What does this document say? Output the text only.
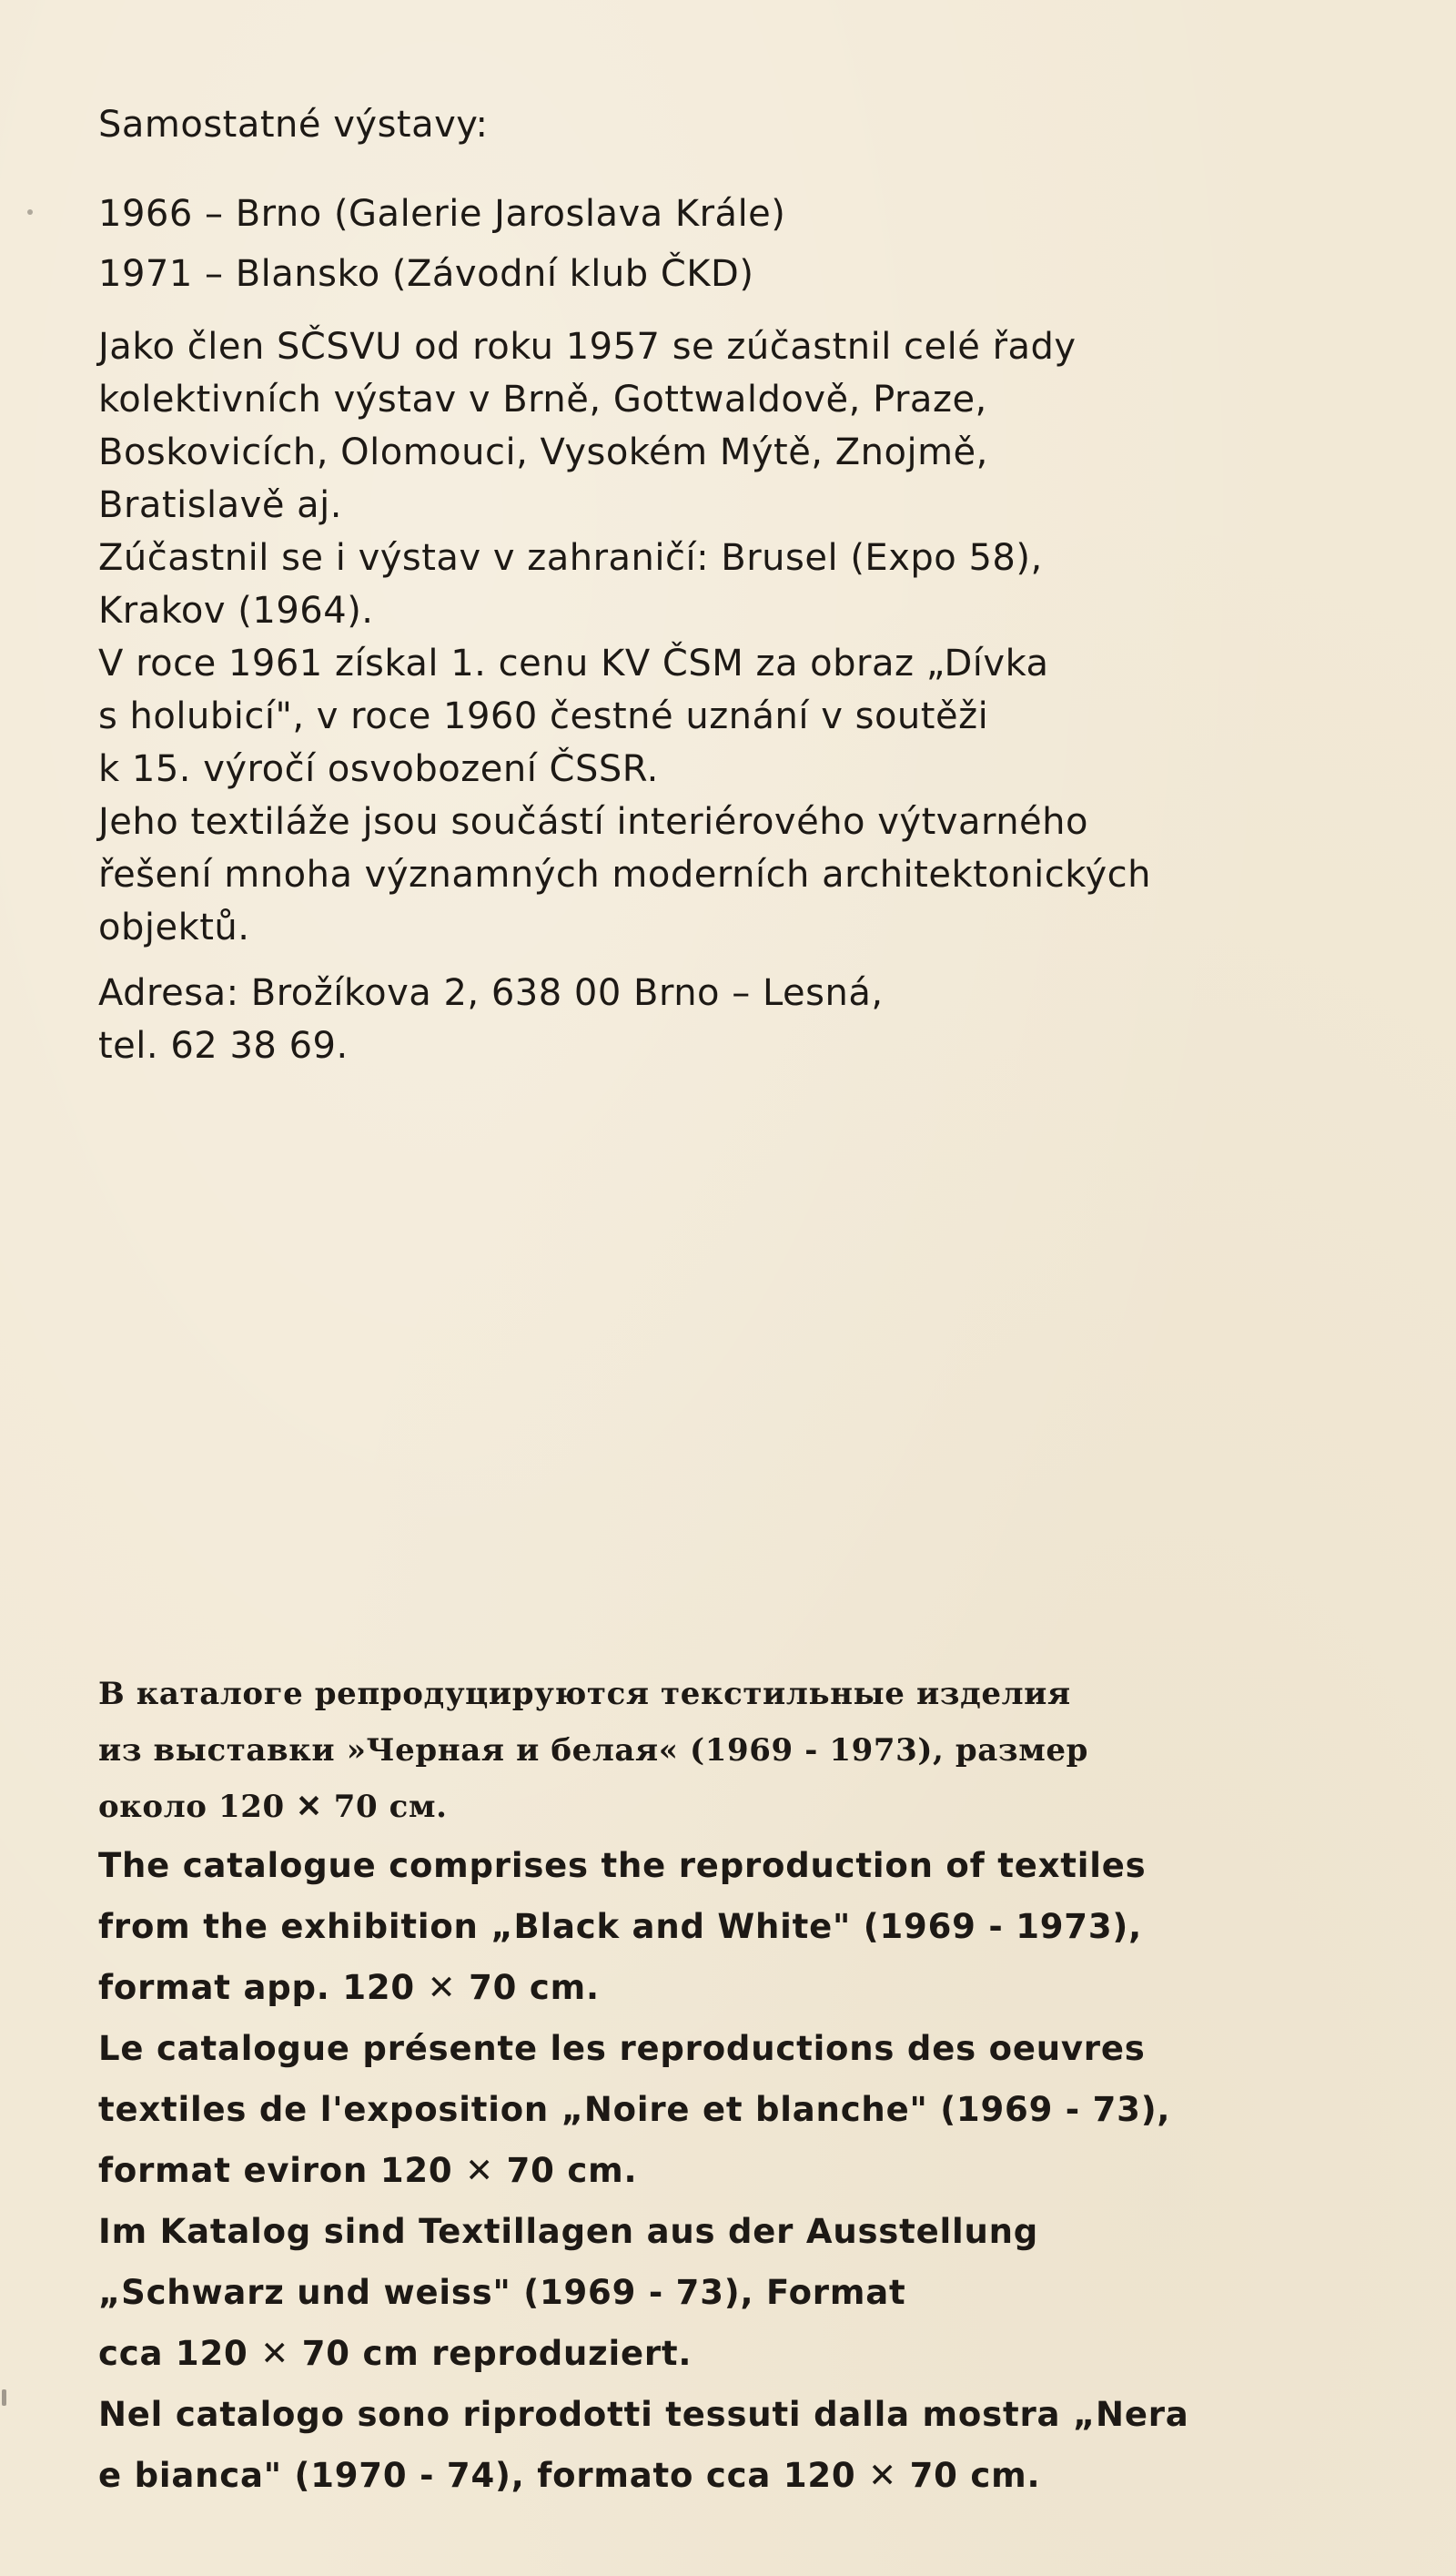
Samostatné výstavy:
1966 – Brno (Galerie Jaroslava Krále)
1971 – Blansko (Závodní klub ČKD)
Jako člen SČSVU od roku 1957 se zúčastnil celé řady
kolektivních výstav v Brně, Gottwaldově, Praze,
Boskovicích, Olomouci, Vysokém Mýtě, Znojmě,
Bratislavě aj.
Zúčastnil se i výstav v zahraničí: Brusel (Expo 58),
Krakov (1964).
V roce 1961 získal 1. cenu KV ČSM za obraz „Dívka
s holubicí", v roce 1960 čestné uznání v soutěži
k 15. výročí osvobození ČSSR.
Jeho textiláže jsou součástí interiérového výtvarného
řešení mnoha významných moderních architektonických
objektů.
Adresa: Brožíkova 2, 638 00 Brno – Lesná,
tel. 62 38 69.
В каталоге репродуцируются текстильные изделия
из выставки »Черная и белая« (1969 - 1973), размер
около 120 ✕ 70 см.
The catalogue comprises the reproduction of textiles
from the exhibition „Black and White" (1969 - 1973),
format app. 120 ✕ 70 cm.
Le catalogue présente les reproductions des oeuvres
textiles de l'exposition „Noire et blanche" (1969 - 73),
format eviron 120 ✕ 70 cm.
Im Katalog sind Textillagen aus der Ausstellung
„Schwarz und weiss" (1969 - 73), Format
cca 120 ✕ 70 cm reproduziert.
Nel catalogo sono riprodotti tessuti dalla mostra „Nera
e bianca" (1970 - 74), formato cca 120 ✕ 70 cm.
